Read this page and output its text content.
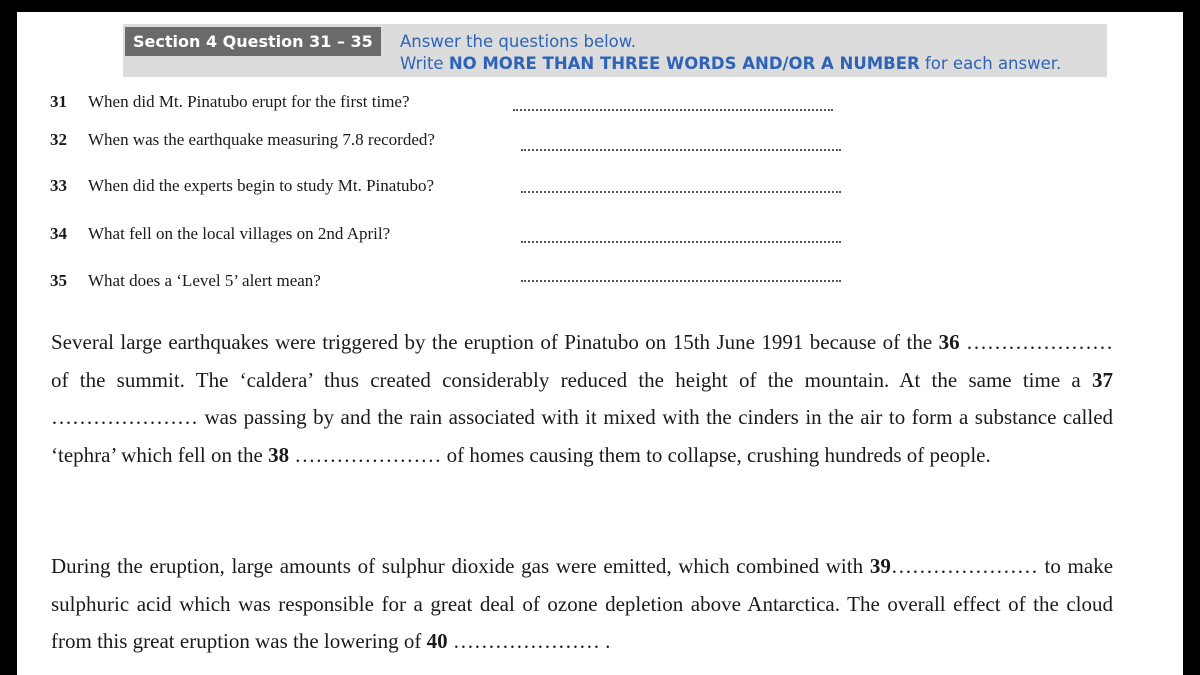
Section 4 Question 31 – 35	Answer the questions below.
Write NO MORE THAN THREE WORDS AND/OR A NUMBER for each answer.
31 When did Mt. Pinatubo erupt for the first time?
32 When was the earthquake measuring 7.8 recorded?
33 When did the experts begin to study Mt. Pinatubo?
34 What fell on the local villages on 2nd April?
35 What does a ‘Level 5’ alert mean?
Several large earthquakes were triggered by the eruption of Pinatubo on 15th June 1991 because of the 36 ………………… of the summit. The ‘caldera’ thus created considerably reduced the height of the mountain. At the same time a 37 ………………… was passing by and the rain associated with it mixed with the cinders in the air to form a substance called ‘tephra’ which fell on the 38 ………………… of homes causing them to collapse, crushing hundreds of people.
During the eruption, large amounts of sulphur dioxide gas were emitted, which combined with 39………………… to make sulphuric acid which was responsible for a great deal of ozone depletion above Antarctica. The overall effect of the cloud from this great eruption was the lowering of 40 ………………… .
